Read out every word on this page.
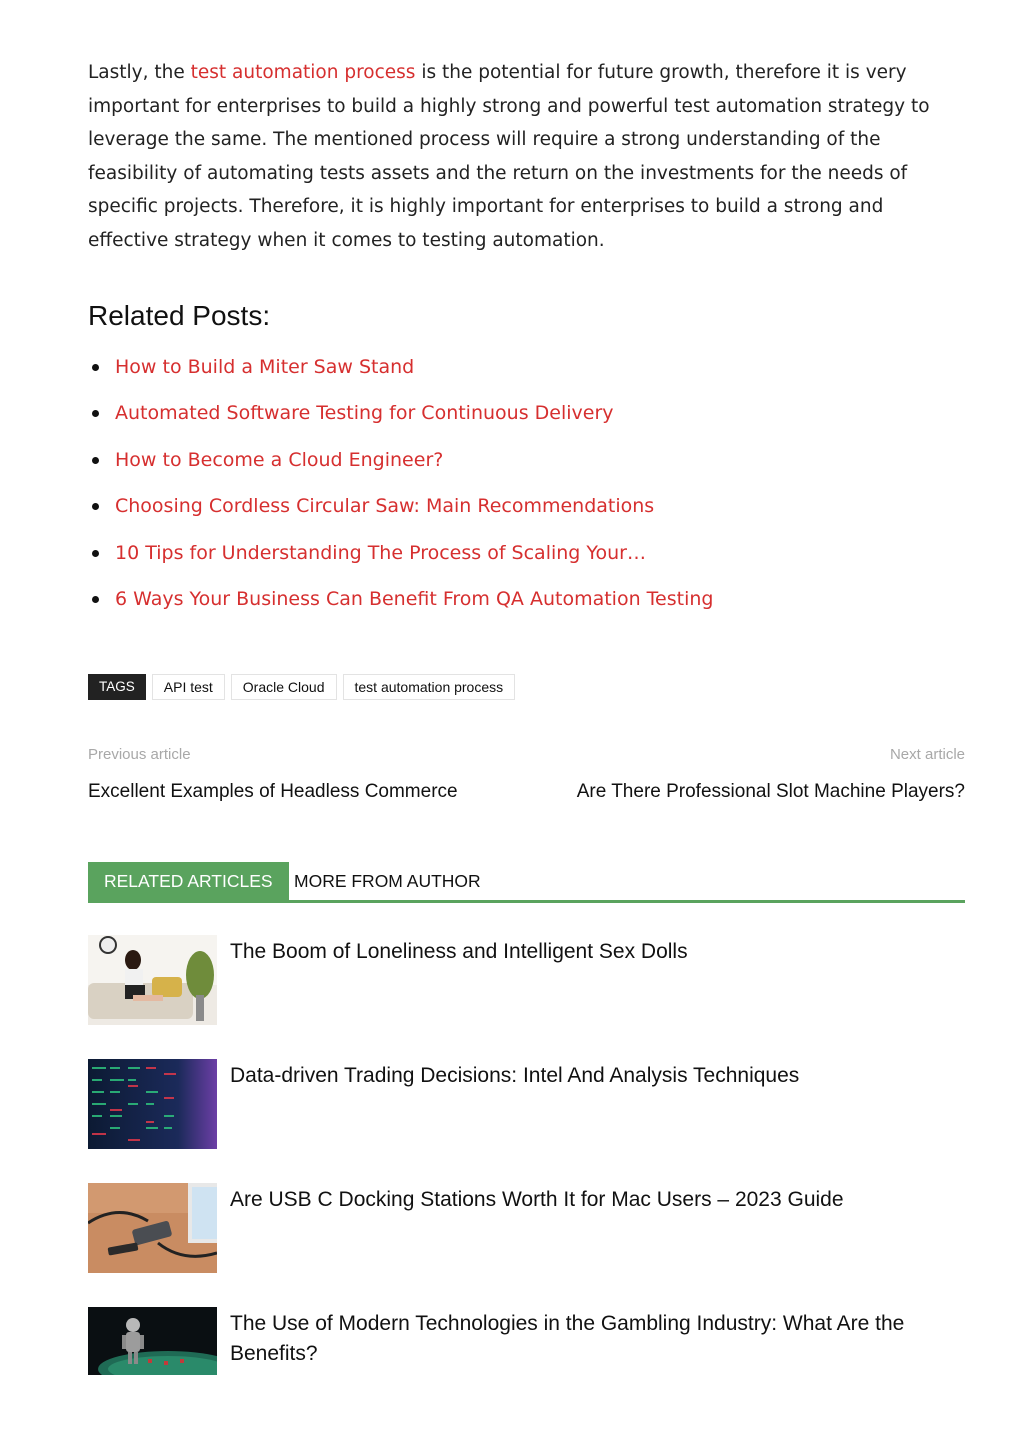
Lastly, the test automation process is the potential for future growth, therefore it is very important for enterprises to build a highly strong and powerful test automation strategy to leverage the same. The mentioned process will require a strong understanding of the feasibility of automating tests assets and the return on the investments for the needs of specific projects. Therefore, it is highly important for enterprises to build a strong and effective strategy when it comes to testing automation.

Related Posts:
How to Build a Miter Saw Stand
Automated Software Testing for Continuous Delivery
How to Become a Cloud Engineer?
Choosing Cordless Circular Saw: Main Recommendations
10 Tips for Understanding The Process of Scaling Your…
6 Ways Your Business Can Benefit From QA Automation Testing
TAGS	API test	Oracle Cloud	test automation process
Previous article
Excellent Examples of Headless Commerce
Next article
Are There Professional Slot Machine Players?
RELATED ARTICLES	MORE FROM AUTHOR
The Boom of Loneliness and Intelligent Sex Dolls
Data-driven Trading Decisions: Intel And Analysis Techniques
Are USB C Docking Stations Worth It for Mac Users – 2023 Guide
The Use of Modern Technologies in the Gambling Industry: What Are the Benefits?
